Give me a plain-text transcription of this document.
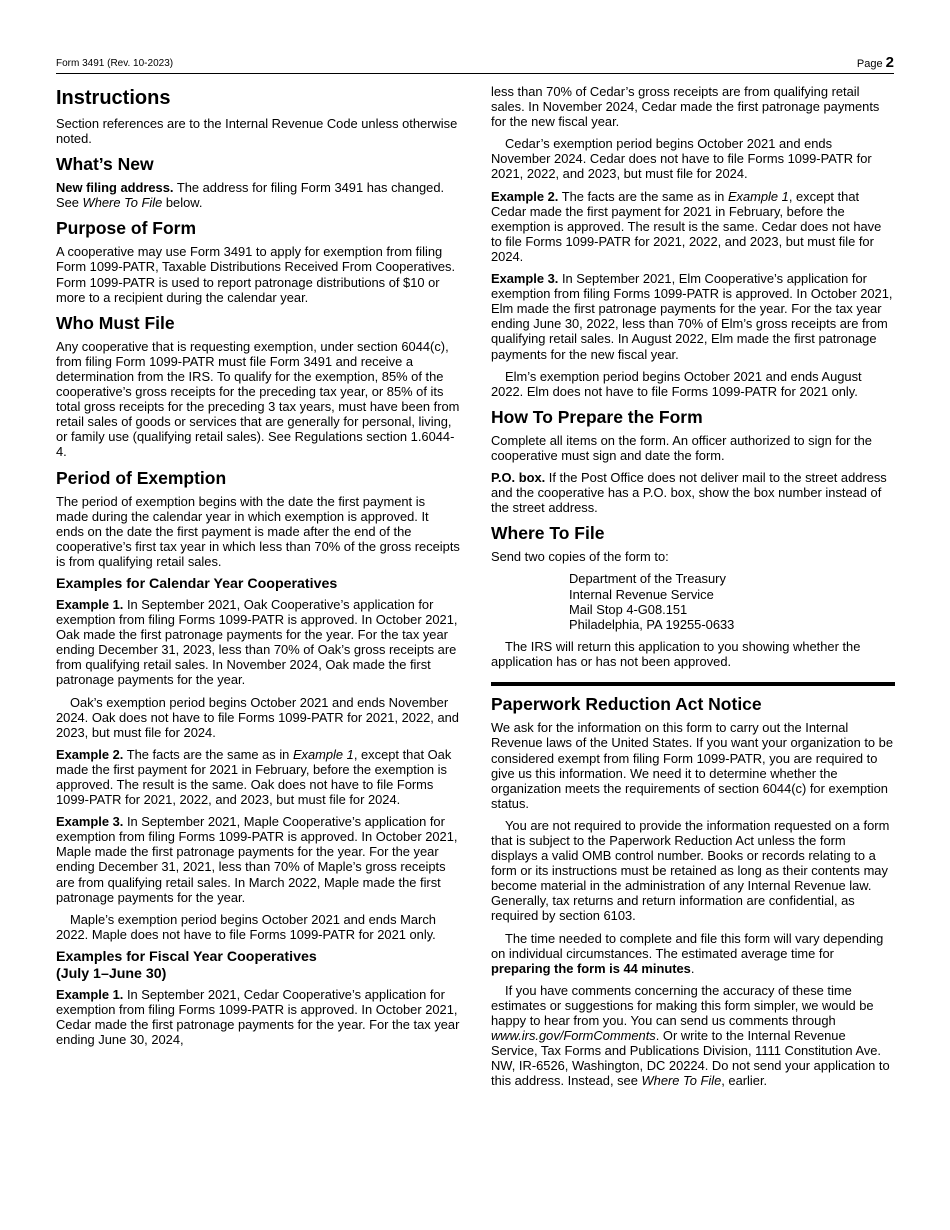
Form 3491 (Rev. 10-2023)	Page 2
Instructions

Section references are to the Internal Revenue Code unless otherwise noted.

What’s New

New filing address. The address for filing Form 3491 has changed. See Where To File below.

Purpose of Form

A cooperative may use Form 3491 to apply for exemption from filing Form 1099-PATR, Taxable Distributions Received From Cooperatives. Form 1099-PATR is used to report patronage distributions of $10 or more to a recipient during the calendar year.

Who Must File

Any cooperative that is requesting exemption, under section 6044(c), from filing Form 1099-PATR must file Form 3491 and receive a determination from the IRS. To qualify for the exemption, 85% of the cooperative’s gross receipts for the preceding tax year, or 85% of its total gross receipts for the preceding 3 tax years, must have been from retail sales of goods or services that are generally for personal, living, or family use (qualifying retail sales). See Regulations section 1.6044-4.

Period of Exemption

The period of exemption begins with the date the first payment is made during the calendar year in which exemption is approved. It ends on the date the first payment is made after the end of the cooperative’s first tax year in which less than 70% of the gross receipts is from qualifying retail sales.

Examples for Calendar Year Cooperatives

Example 1. In September 2021, Oak Cooperative’s application for exemption from filing Forms 1099-PATR is approved. In October 2021, Oak made the first patronage payments for the year. For the tax year ending December 31, 2023, less than 70% of Oak’s gross receipts are from qualifying retail sales. In November 2024, Oak made the first patronage payments for the year.

Oak’s exemption period begins October 2021 and ends November 2024. Oak does not have to file Forms 1099-PATR for 2021, 2022, and 2023, but must file for 2024.

Example 2. The facts are the same as in Example 1, except that Oak made the first payment for 2021 in February, before the exemption is approved. The result is the same. Oak does not have to file Forms 1099-PATR for 2021, 2022, and 2023, but must file for 2024.

Example 3. In September 2021, Maple Cooperative’s application for exemption from filing Forms 1099-PATR is approved. In October 2021, Maple made the first patronage payments for the year. For the year ending December 31, 2021, less than 70% of Maple’s gross receipts are from qualifying retail sales. In March 2022, Maple made the first patronage payments for the year.

Maple’s exemption period begins October 2021 and ends March 2022. Maple does not have to file Forms 1099-PATR for 2021 only.

Examples for Fiscal Year Cooperatives
(July 1–June 30)

Example 1. In September 2021, Cedar Cooperative’s application for exemption from filing Forms 1099-PATR is approved. In October 2021, Cedar made the first patronage payments for the year. For the tax year ending June 30, 2024,

less than 70% of Cedar’s gross receipts are from qualifying retail sales. In November 2024, Cedar made the first patronage payments for the new fiscal year.

Cedar’s exemption period begins October 2021 and ends November 2024. Cedar does not have to file Forms 1099-PATR for 2021, 2022, and 2023, but must file for 2024.

Example 2. The facts are the same as in Example 1, except that Cedar made the first payment for 2021 in February, before the exemption is approved. The result is the same. Cedar does not have to file Forms 1099-PATR for 2021, 2022, and 2023, but must file for 2024.

Example 3. In September 2021, Elm Cooperative’s application for exemption from filing Forms 1099-PATR is approved. In October 2021, Elm made the first patronage payments for the year. For the tax year ending June 30, 2022, less than 70% of Elm’s gross receipts are from qualifying retail sales. In August 2022, Elm made the first patronage payments for the new fiscal year.

Elm’s exemption period begins October 2021 and ends August 2022. Elm does not have to file Forms 1099-PATR for 2021 only.

How To Prepare the Form

Complete all items on the form. An officer authorized to sign for the cooperative must sign and date the form.

P.O. box. If the Post Office does not deliver mail to the street address and the cooperative has a P.O. box, show the box number instead of the street address.

Where To File

Send two copies of the form to:

Department of the Treasury
Internal Revenue Service
Mail Stop 4-G08.151
Philadelphia, PA 19255-0633

The IRS will return this application to you showing whether the application has or has not been approved.

Paperwork Reduction Act Notice

We ask for the information on this form to carry out the Internal Revenue laws of the United States. If you want your organization to be considered exempt from filing Form 1099-PATR, you are required to give us this information. We need it to determine whether the organization meets the requirements of section 6044(c) for exemption status.

You are not required to provide the information requested on a form that is subject to the Paperwork Reduction Act unless the form displays a valid OMB control number. Books or records relating to a form or its instructions must be retained as long as their contents may become material in the administration of any Internal Revenue law. Generally, tax returns and return information are confidential, as required by section 6103.

The time needed to complete and file this form will vary depending on individual circumstances. The estimated average time for preparing the form is 44 minutes.

If you have comments concerning the accuracy of these time estimates or suggestions for making this form simpler, we would be happy to hear from you. You can send us comments through www.irs.gov/FormComments. Or write to the Internal Revenue Service, Tax Forms and Publications Division, 1111 Constitution Ave. NW, IR-6526, Washington, DC 20224. Do not send your application to this address. Instead, see Where To File, earlier.
